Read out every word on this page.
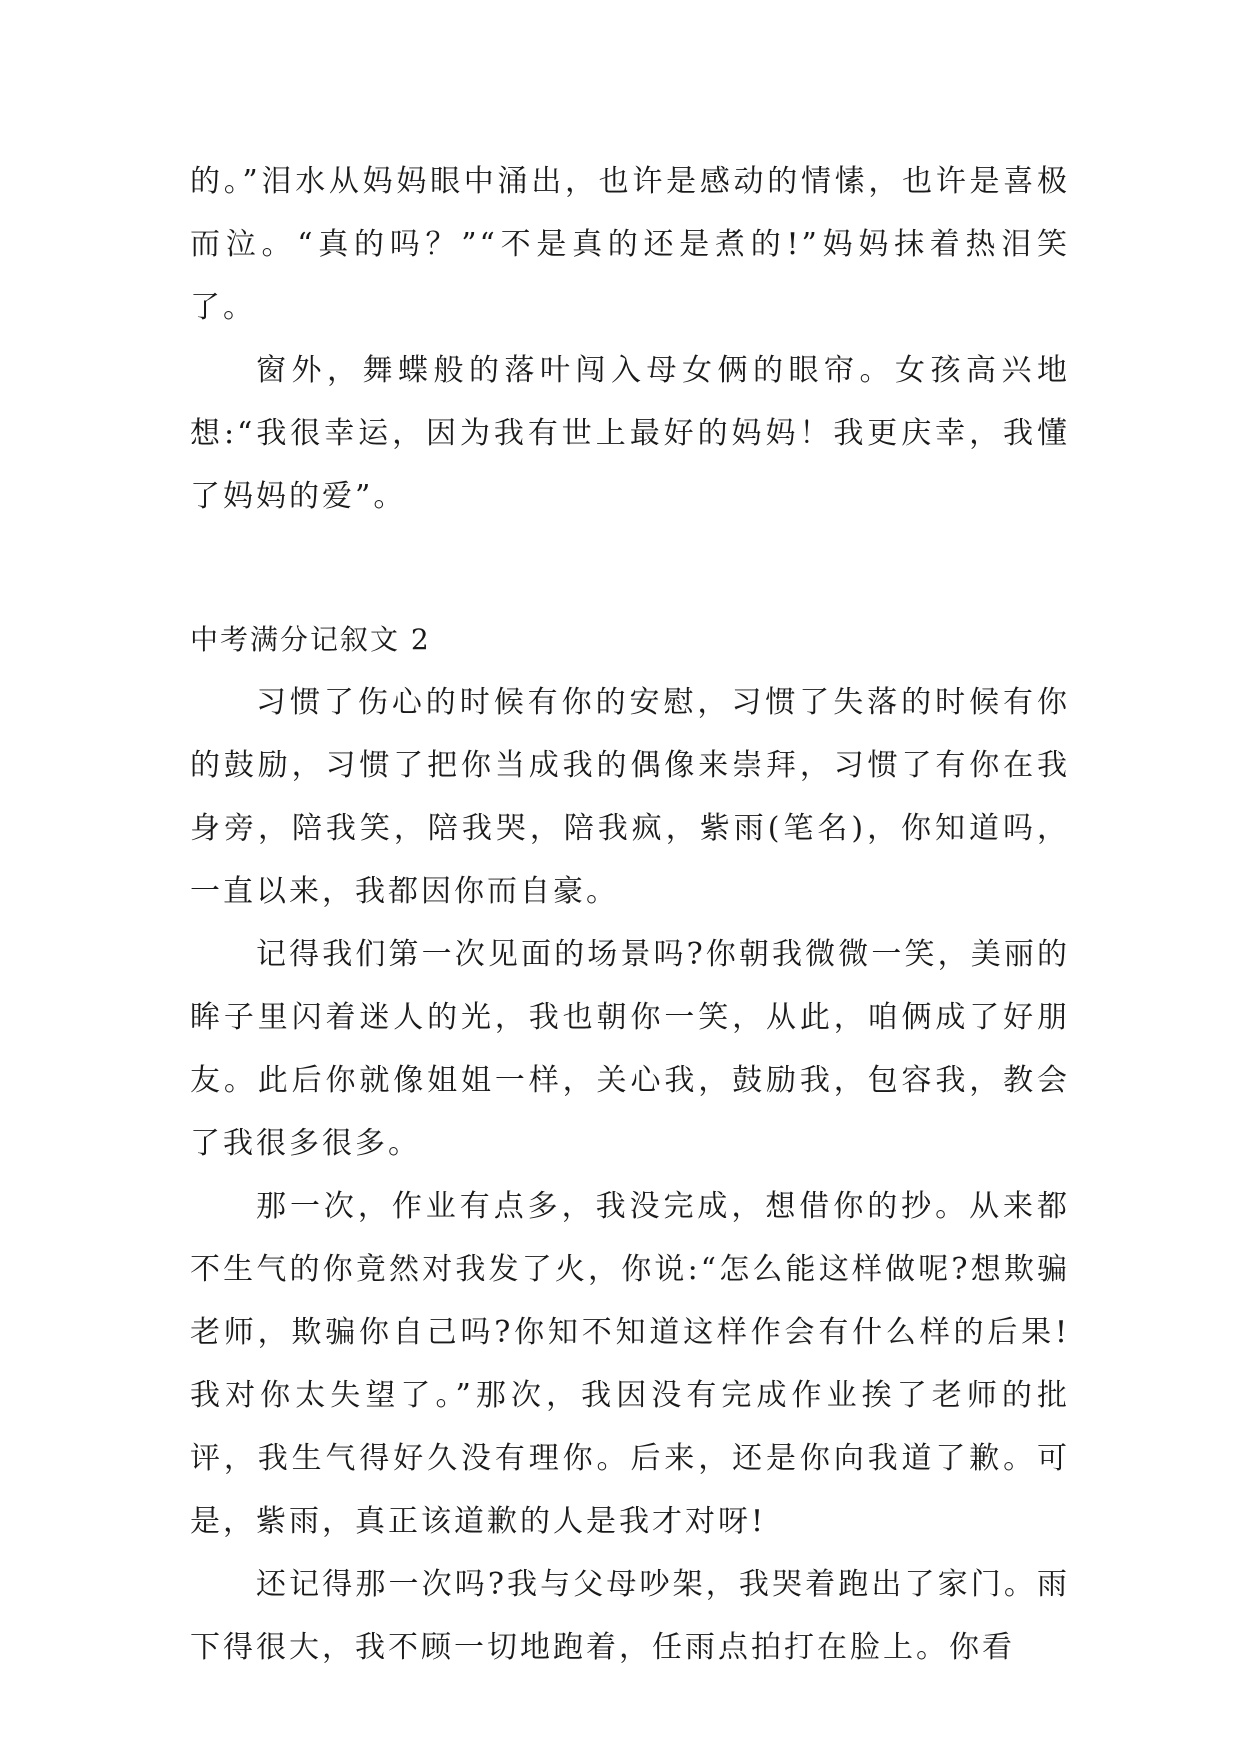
的。”泪水从妈妈眼中涌出，也许是感动的情愫，也许是喜极而泣。“真的吗？”“不是真的还是煮的!”妈妈抹着热泪笑了。

窗外，舞蝶般的落叶闯入母女俩的眼帘。女孩高兴地想:“我很幸运，因为我有世上最好的妈妈！我更庆幸，我懂了妈妈的爱”。

中考满分记叙文 2

习惯了伤心的时候有你的安慰，习惯了失落的时候有你的鼓励，习惯了把你当成我的偶像来崇拜，习惯了有你在我身旁，陪我笑，陪我哭，陪我疯，紫雨(笔名)，你知道吗，一直以来，我都因你而自豪。

记得我们第一次见面的场景吗?你朝我微微一笑，美丽的眸子里闪着迷人的光，我也朝你一笑，从此，咱俩成了好朋友。此后你就像姐姐一样，关心我，鼓励我，包容我，教会了我很多很多。

那一次，作业有点多，我没完成，想借你的抄。从来都不生气的你竟然对我发了火，你说:“怎么能这样做呢?想欺骗老师，欺骗你自己吗?你知不知道这样作会有什么样的后果!我对你太失望了。”那次，我因没有完成作业挨了老师的批评，我生气得好久没有理你。后来，还是你向我道了歉。可是，紫雨，真正该道歉的人是我才对呀!

还记得那一次吗?我与父母吵架，我哭着跑出了家门。雨下得很大，我不顾一切地跑着，任雨点拍打在脸上。你看
